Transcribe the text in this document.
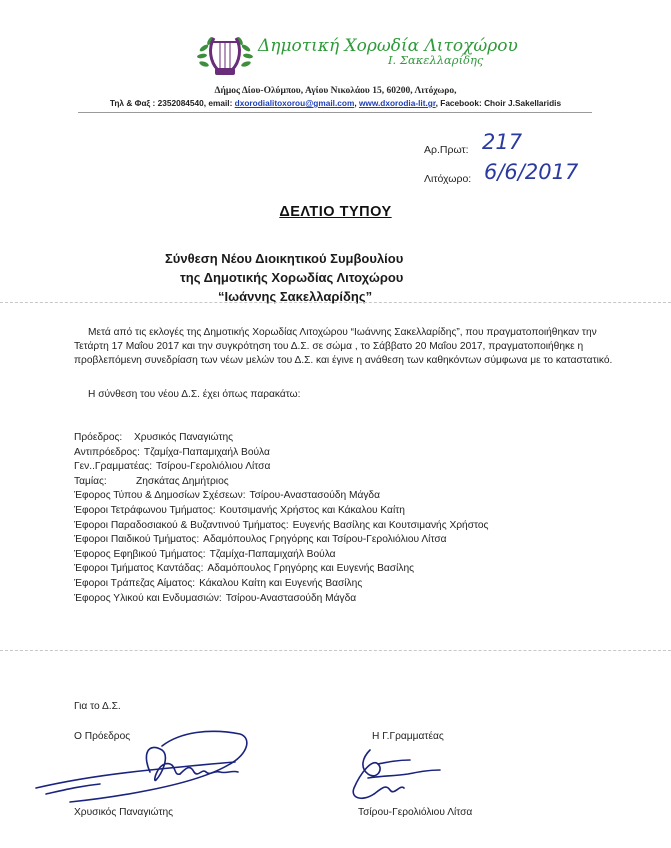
Δημοτική Χορωδία Λιτοχώρου
Ι. Σακελλαρίδης
Δήμος Δίου-Ολύμπου, Αγίου Νικολάου 15, 60200, Λιτόχωρο,
Τηλ & Φαξ : 2352084540, email: dxorodialitoxorou@gmail.com, www.dxorodia-lit.gr, Facebook: Choir J.Sakellaridis
Αρ.Πρωτ: 217
Λιτόχωρο: 6/6/2017
ΔΕΛΤΙΟ ΤΥΠΟΥ
Σύνθεση Νέου Διοικητικού Συμβουλίου
της Δημοτικής Χορωδίας Λιτοχώρου
“Ιωάννης Σακελλαρίδης”
Μετά από τις εκλογές της Δημοτικής Χορωδίας Λιτοχώρου “Ιωάννης Σακελλαρίδης”, που πραγματοποιήθηκαν την Τετάρτη 17 Μαΐου 2017 και την συγκρότηση του Δ.Σ. σε σώμα , το Σάββατο 20 Μαΐου 2017, πραγματοποιήθηκε η προβλεπόμενη συνεδρίαση των νέων μελών του Δ.Σ. και έγινε η ανάθεση των καθηκόντων σύμφωνα με το καταστατικό.
Η σύνθεση του νέου Δ.Σ. έχει όπως παρακάτω:
Πρόεδρος: Χρυσικός Παναγιώτης
Αντιπρόεδρος: Τζαμίχα-Παπαμιχαήλ Βούλα
Γεν..Γραμματέας: Τσίρου-Γερολιόλιου Λίτσα
Ταμίας:	Ζησκάτας Δημήτριος
Έφορος Τύπου & Δημοσίων Σχέσεων: Τσίρου-Αναστασούδη Μάγδα
Έφοροι Τετράφωνου Τμήματος: Κουτσιμανής Χρήστος και Κάκαλου Καίτη
Έφοροι Παραδοσιακού & Βυζαντινού Τμήματος: Ευγενής Βασίλης και Κουτσιμανής Χρήστος
Έφοροι Παιδικού Τμήματος: Αδαμόπουλος Γρηγόρης και Τσίρου-Γερολιόλιου Λίτσα
Έφορος Εφηβικού Τμήματος: Τζαμίχα-Παπαμιχαήλ Βούλα
Έφοροι Τμήματος Καντάδας: Αδαμόπουλος Γρηγόρης και Ευγενής Βασίλης
Έφοροι Τράπεζας Αίματος: Κάκαλου Καίτη και Ευγενής Βασίλης
Έφορος Υλικού και Ενδυμασιών: Τσίρου-Αναστασούδη Μάγδα
Για το Δ.Σ.
Ο Πρόεδρος	Η Γ.Γραμματέας
Χρυσικός Παναγιώτης	Τσίρου-Γερολιόλιου Λίτσα
